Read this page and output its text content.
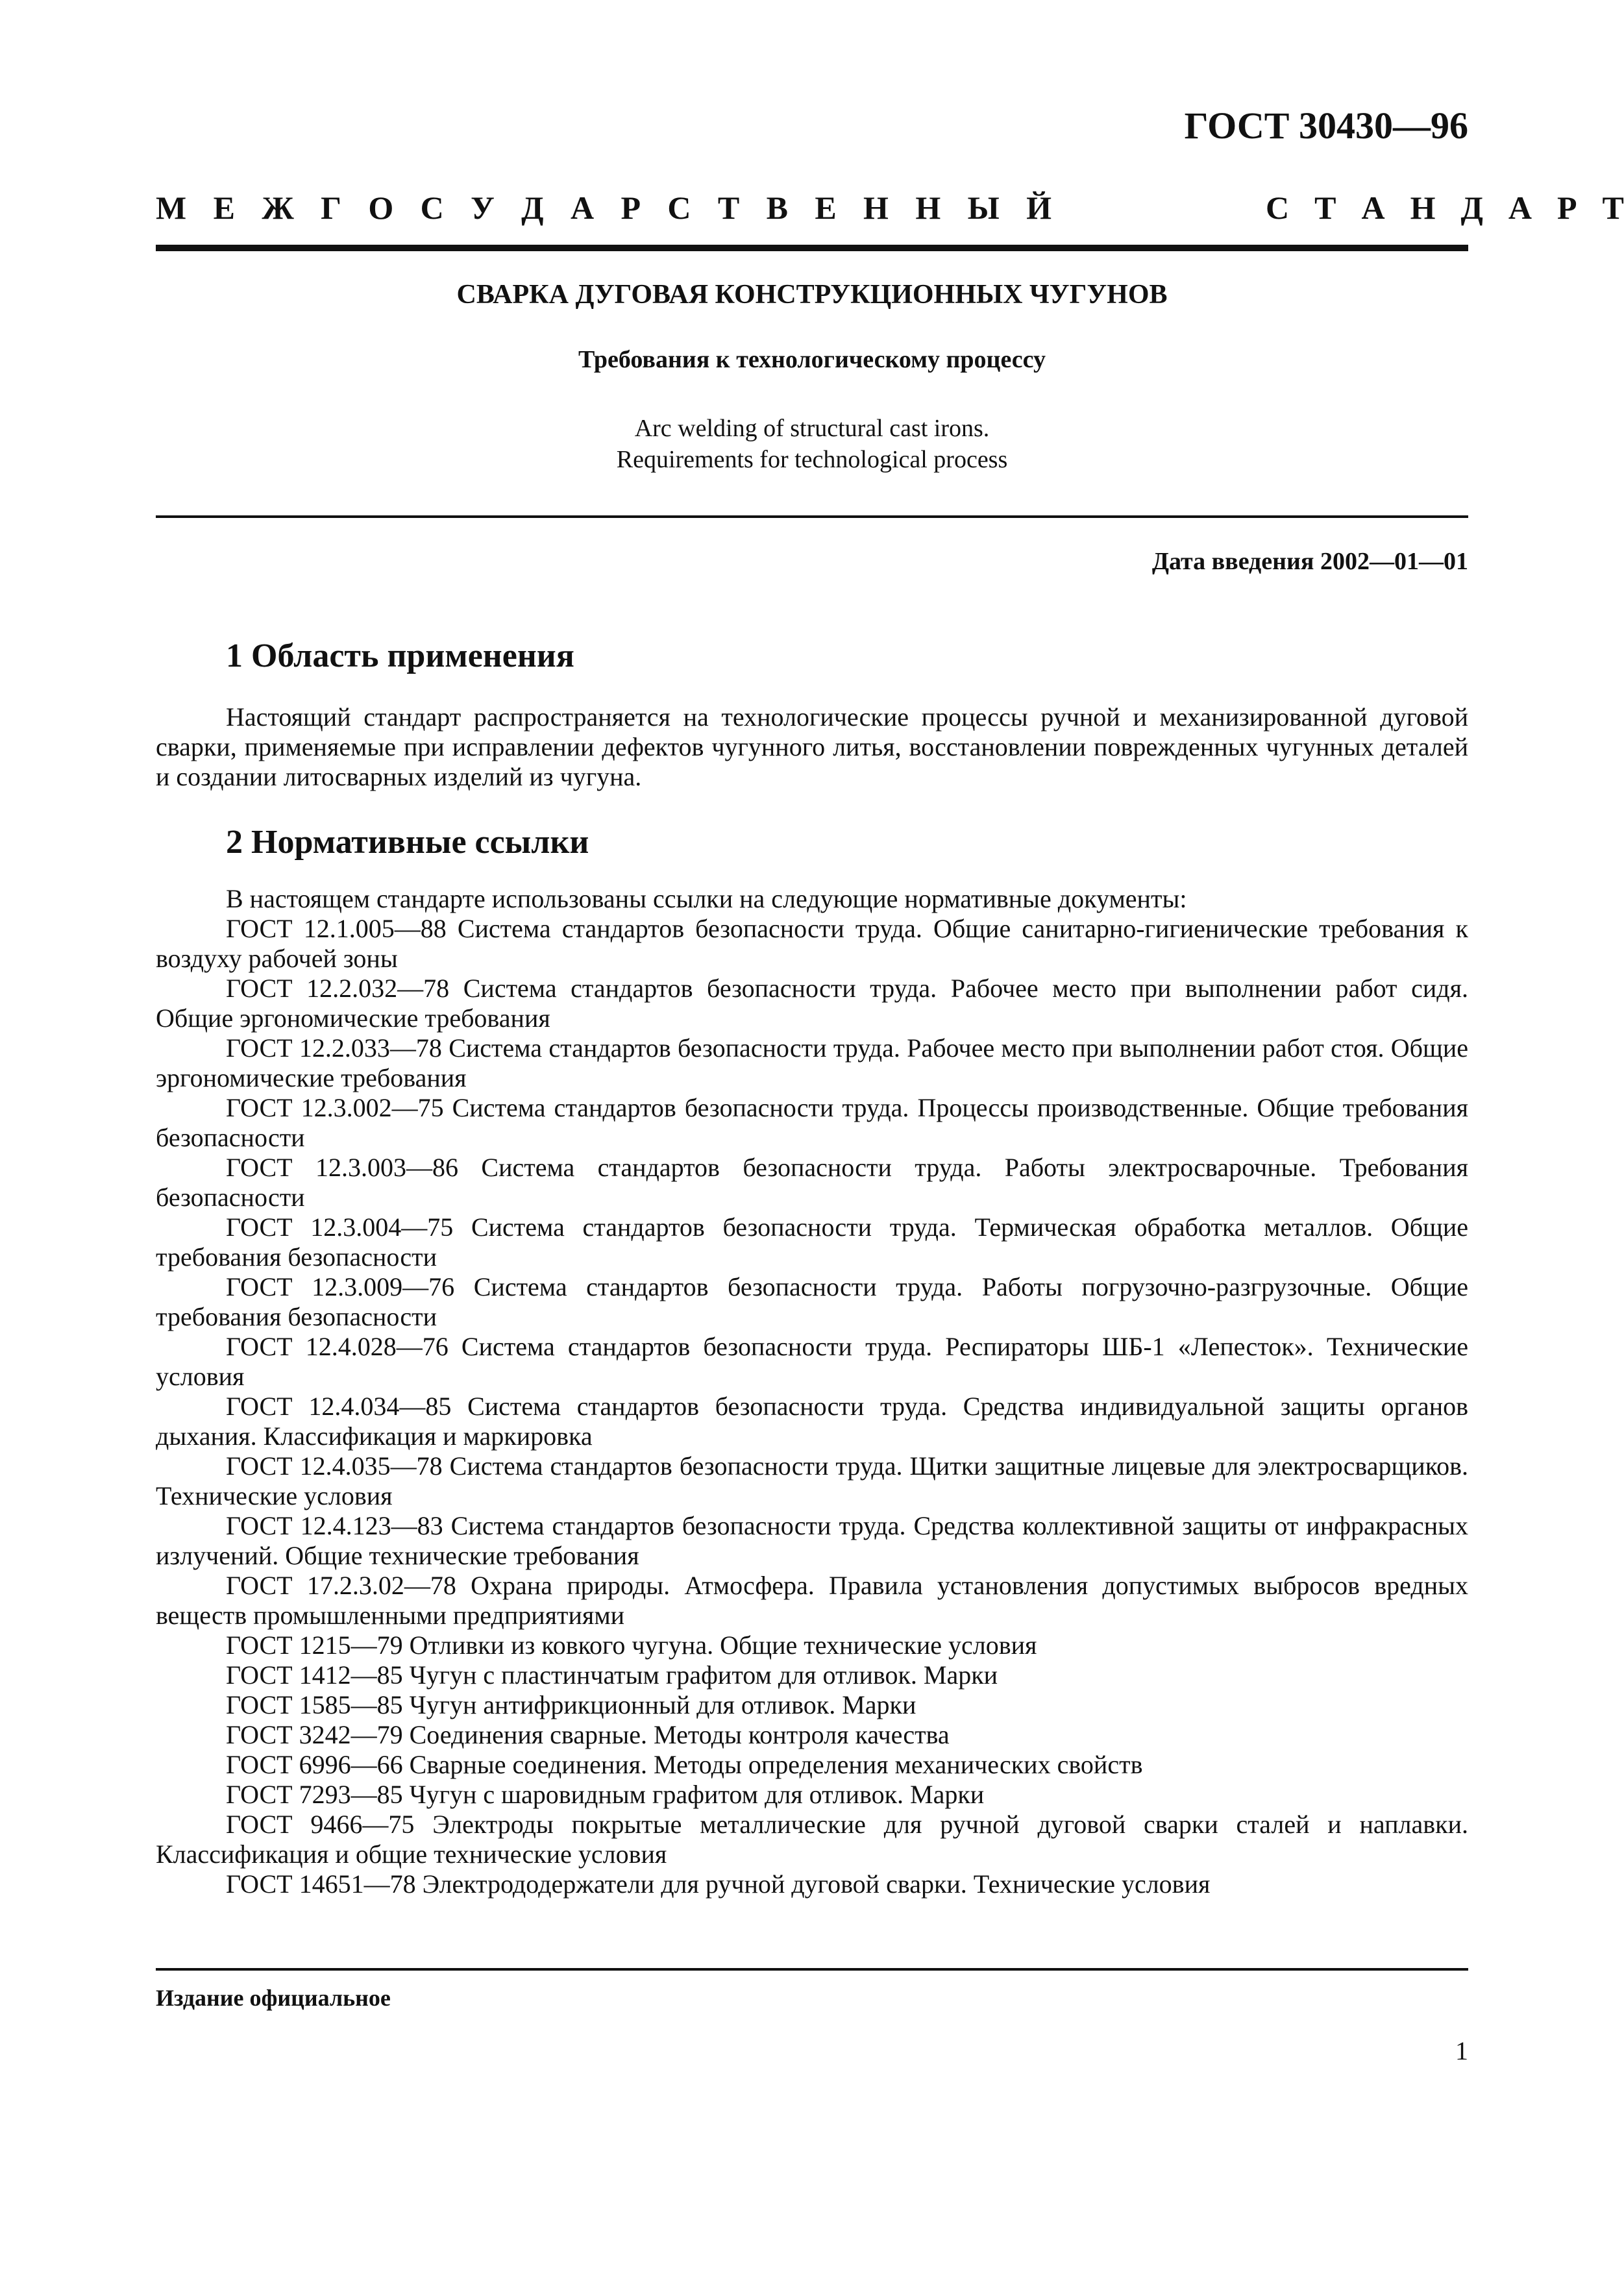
ГОСТ 30430—96
М Е Ж Г О С У Д А Р С Т В Е Н Н Ы Й	С Т А Н Д А Р Т
СВАРКА ДУГОВАЯ КОНСТРУКЦИОННЫХ ЧУГУНОВ
Требования к технологическому процессу
Arc welding of structural cast irons.
Requirements for technological process
Дата введения 2002—01—01
1 Область применения

Настоящий стандарт распространяется на технологические процессы ручной и механизированной дуговой сварки, применяемые при исправлении дефектов чугунного литья, восстановлении поврежденных чугунных деталей и создании литосварных изделий из чугуна.

2 Нормативные ссылки

В настоящем стандарте использованы ссылки на следующие нормативные документы:

ГОСТ 12.1.005—88 Система стандартов безопасности труда. Общие санитарно-гигиенические требования к воздуху рабочей зоны

ГОСТ 12.2.032—78 Система стандартов безопасности труда. Рабочее место при выполнении работ сидя. Общие эргономические требования

ГОСТ 12.2.033—78 Система стандартов безопасности труда. Рабочее место при выполнении работ стоя. Общие эргономические требования

ГОСТ 12.3.002—75 Система стандартов безопасности труда. Процессы производственные. Общие требования безопасности

ГОСТ 12.3.003—86 Система стандартов безопасности труда. Работы электросварочные. Требования безопасности

ГОСТ 12.3.004—75 Система стандартов безопасности труда. Термическая обработка металлов. Общие требования безопасности

ГОСТ 12.3.009—76 Система стандартов безопасности труда. Работы погрузочно-разгрузочные. Общие требования безопасности

ГОСТ 12.4.028—76 Система стандартов безопасности труда. Респираторы ШБ-1 «Лепесток». Технические условия

ГОСТ 12.4.034—85 Система стандартов безопасности труда. Средства индивидуальной защиты органов дыхания. Классификация и маркировка

ГОСТ 12.4.035—78 Система стандартов безопасности труда. Щитки защитные лицевые для электросварщиков. Технические условия

ГОСТ 12.4.123—83 Система стандартов безопасности труда. Средства коллективной защиты от инфракрасных излучений. Общие технические требования

ГОСТ 17.2.3.02—78 Охрана природы. Атмосфера. Правила установления допустимых выбросов вредных веществ промышленными предприятиями

ГОСТ 1215—79 Отливки из ковкого чугуна. Общие технические условия

ГОСТ 1412—85 Чугун с пластинчатым графитом для отливок. Марки

ГОСТ 1585—85 Чугун антифрикционный для отливок. Марки

ГОСТ 3242—79 Соединения сварные. Методы контроля качества

ГОСТ 6996—66 Сварные соединения. Методы определения механических свойств

ГОСТ 7293—85 Чугун с шаровидным графитом для отливок. Марки

ГОСТ 9466—75 Электроды покрытые металлические для ручной дуговой сварки сталей и наплавки. Классификация и общие технические условия

ГОСТ 14651—78 Электрододержатели для ручной дуговой сварки. Технические условия

Издание официальное
1
